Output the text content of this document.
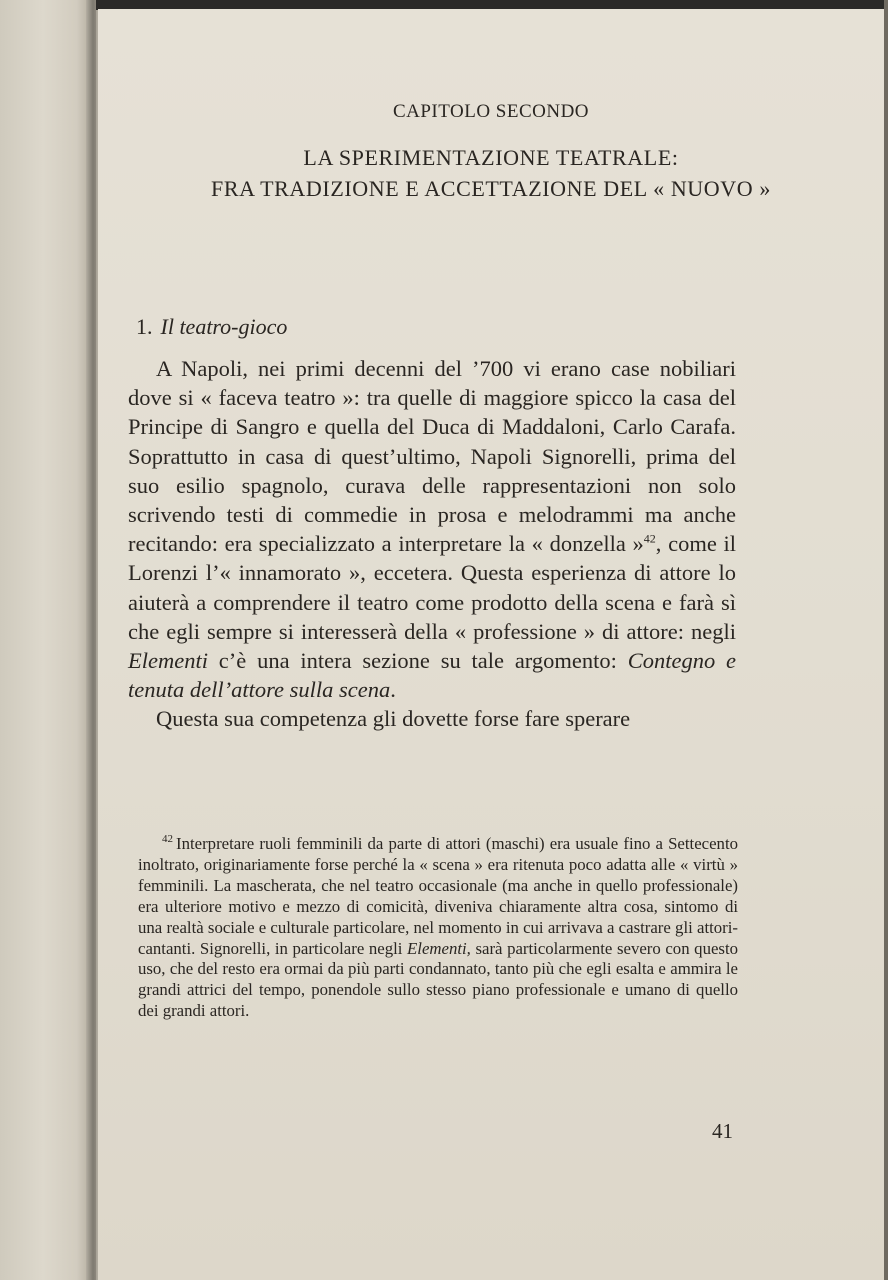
CAPITOLO SECONDO
LA SPERIMENTAZIONE TEATRALE:
FRA TRADIZIONE E ACCETTAZIONE DEL « NUOVO »
1. Il teatro-gioco

A Napoli, nei primi decenni del ’700 vi erano case nobiliari dove si « faceva teatro »: tra quelle di maggiore spicco la casa del Principe di Sangro e quella del Duca di Maddaloni, Carlo Carafa. Soprattutto in casa di quest’ultimo, Napoli Signorelli, prima del suo esilio spagnolo, curava delle rappresentazioni non solo scrivendo testi di commedie in prosa e melodrammi ma anche recitando: era specializzato a interpretare la « donzella »$^{42}$, come il Lorenzi l’« innamorato », eccetera. Questa esperienza di attore lo aiuterà a comprendere il teatro come prodotto della scena e farà sì che egli sempre si interesserà della « professione » di attore: negli Elementi c’è una intera sezione su tale argomento: Contegno e tenuta dell’attore sulla scena.

Questa sua competenza gli dovette forse fare sperare

$^{42}$ Interpretare ruoli femminili da parte di attori (maschi) era usuale fino a Settecento inoltrato, originariamente forse perché la « scena » era ritenuta poco adatta alle « virtù » femminili. La mascherata, che nel teatro occasionale (ma anche in quello professionale) era ulteriore motivo e mezzo di comicità, diveniva chiaramente altra cosa, sintomo di una realtà sociale e culturale particolare, nel momento in cui arrivava a castrare gli attori-cantanti. Signorelli, in particolare negli Elementi, sarà particolarmente severo con questo uso, che del resto era ormai da più parti condannato, tanto più che egli esalta e ammira le grandi attrici del tempo, ponendole sullo stesso piano professionale e umano di quello dei grandi attori.

41
